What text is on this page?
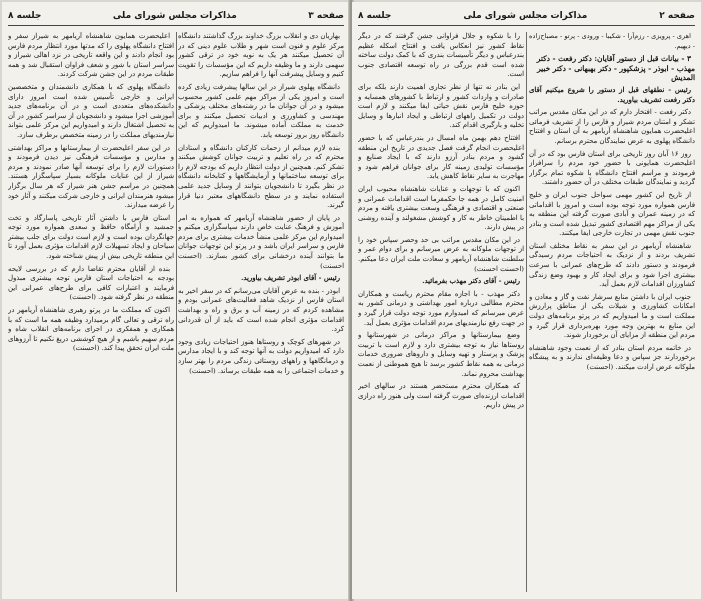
صفحه ۳
مذاکرات مجلس شورای ملی
جلسه ۸

بهاریان دی و انقلاب بزرگ خداوند بزرگ گذاشتند دانشگاه مرکز علوم و فنون است شهر و طلاب علوم دینی که در آن تحصیل میکنند هر یک به نوبه خود در ترقی کشور سهمی دارند و ما وظیفه داریم که این مؤسسات را تقویت کنیم و وسایل پیشرفت آنها را فراهم سازیم.

دانشگاه پهلوی شیراز در این سالها پیشرفت زیادی کرده است و امروز یکی از مراکز مهم علمی کشور محسوب میشود و در آن جوانان ما در رشته‌های مختلف پزشکی و مهندسی و کشاورزی و ادبیات تحصیل میکنند و برای خدمت به مملکت آماده میشوند. ما امیدواریم که این دانشگاه روز بروز توسعه یابد.

بنده لازم میدانم از زحمات کارکنان دانشگاه و استادان محترم که در راه تعلیم و تربیت جوانان کوشش میکنند تشکر کنم. همچنین از دولت انتظار داریم که بودجه لازم را برای توسعه ساختمانها و آزمایشگاهها و کتابخانه دانشگاه در نظر بگیرد تا دانشجویان بتوانند از وسایل جدید علمی استفاده نمایند و در سطح دانشگاههای معتبر دنیا قرار گیرند.

در پایان از حضور شاهنشاه آریامهر که همواره به امر آموزش و فرهنگ عنایت خاص دارند سپاسگزاری میکنم و امیدوارم این مرکز علمی منشأ خدمات بیشتری برای مردم فارس و سراسر ایران باشد و در پرتو این توجهات جوانان ما بتوانند آینده درخشانی برای کشور بسازند. (احسنت احسنت)

رئیس - آقای ابوذر تشریف بیاورید.

ابوذر - بنده به عرض آقایان می‌رسانم که در سفر اخیر به استان فارس از نزدیک شاهد فعالیت‌های عمرانی بودم و مشاهده کردم که در زمینه آب و برق و راه و بهداشت اقدامات مؤثری انجام شده است که باید از آن قدردانی کرد.

در شهرهای کوچک و روستاها هنوز احتیاجات زیادی وجود دارد که امیدواریم دولت به آنها توجه کند و با ایجاد مدارس و درمانگاهها و راههای روستائی زندگی مردم را بهتر سازد و خدمات اجتماعی را به همه طبقات برساند. (احسنت)

اعلیحضرت همایون شاهنشاه آریامهر به شیراز سفر و افتتاح دانشگاه پهلوی را که مدتها مورد انتظار مردم فارس بود انجام دادند و این واقعه تاریخی در نزد اهالی شیراز و سراسر استان با شور و شعف فراوان استقبال شد و همه طبقات مردم در این جشن شرکت کردند.

دانشگاه پهلوی که با همکاری دانشمندان و متخصصین ایرانی و خارجی تأسیس شده است امروز دارای دانشکده‌های متعددی است و در آن برنامه‌های جدید آموزشی اجرا میشود و دانشجویان از سراسر کشور در آن به تحصیل اشتغال دارند و امیدواریم این مرکز علمی بتواند نیازمندیهای مملکت را در زمینه متخصص برطرف سازد.

در این سفر اعلیحضرت از بیمارستانها و مراکز بهداشتی و مدارس و مؤسسات فرهنگی نیز دیدن فرمودند و دستورات لازم را برای توسعه آنها صادر نمودند و مردم شیراز از این عنایات ملوکانه بسیار سپاسگزار هستند. همچنین در مراسم جشن هنر شیراز که هر سال برگزار میشود هنرمندان ایرانی و خارجی شرکت میکنند و آثار خود را عرضه میدارند.

استان فارس با داشتن آثار تاریخی پاسارگاد و تخت جمشید و آرامگاه حافظ و سعدی همواره مورد توجه جهانگردان بوده است و لازم است دولت برای جلب بیشتر سیاحان و ایجاد تسهیلات لازم اقدامات مؤثری بعمل آورد تا این منطقه تاریخی بیش از پیش شناخته شود.

بنده از آقایان محترم تقاضا دارم که در بررسی لایحه بودجه به احتیاجات استان فارس توجه بیشتری مبذول فرمایند و اعتبارات کافی برای طرح‌های عمرانی این منطقه در نظر گرفته شود. (احسنت)

اکنون که مملکت ما در پرتو رهبری شاهنشاه آریامهر در راه ترقی و تعالی گام برمیدارد وظیفه همه ما است که با همکاری و همفکری در اجرای برنامه‌های انقلاب شاه و مردم سهیم باشیم و از هیچ کوششی دریغ نکنیم تا آرزوهای ملت ایران تحقق پیدا کند. (احسنت)

صفحه ۲
مذاکرات مجلس شورای ملی
جلسه ۸

اهری - پرویزی - رزم‌آرا - شکیبا - ورودی - پرتو - مصباح‌زاده - دیهیم.

۳ - بیانات قبل از دستور آقایان: دکتر رفعت - دکتر مهذب - ابوذر - پزشکپور - دکتر بهبهانی - دکتر خبیر المدیش

رئیس - نطقهای قبل از دستور را شروع میکنیم آقای دکتر رفعت تشریف بیاورید.

دکتر رفعت - افتخار دارم که در این مکان مقدس مراتب تشکر و امتنان مردم شیراز و فارس را از تشریف فرمائی اعلیحضرت همایون شاهنشاه آریامهر به آن استان و افتتاح دانشگاه پهلوی به عرض نمایندگان محترم برسانم.

روز ۱۶ آبان روز تاریخی برای استان فارس بود که در آن اعلیحضرت همایونی با حضور خود مردم را سرافراز فرمودند و مراسم افتتاح دانشگاه با شکوه تمام برگزار گردید و نمایندگان طبقات مختلف در آن حضور داشتند.

از تاریخ این کشور مهمی سواحل جنوب ایران و خلیج فارس همواره مورد توجه بوده است و امروز با اقداماتی که در زمینه عمران و آبادی صورت گرفته این منطقه به یکی از مراکز مهم اقتصادی کشور تبدیل شده است و بنادر جنوب نقش مهمی در تجارت خارجی ایفا میکنند.

شاهنشاه آریامهر در این سفر به نقاط مختلف استان تشریف بردند و از نزدیک به احتیاجات مردم رسیدگی فرمودند و دستور دادند که طرح‌های عمرانی با سرعت بیشتری اجرا شود و برای ایجاد کار و بهبود وضع زندگی کشاورزان اقدامات لازم بعمل آید.

جنوب ایران با داشتن منابع سرشار نفت و گاز و معادن و امکانات کشاورزی و شیلات یکی از مناطق پرارزش مملکت است و ما امیدواریم که در پرتو برنامه‌های دولت این منابع به بهترین وجه مورد بهره‌برداری قرار گیرد و مردم این منطقه از مزایای آن برخوردار شوند.

در خاتمه مردم استان بنادر که از نعمت وجود شاهنشاه برخوردارند جز سپاس و دعا وظیفه‌ای ندارند و به پیشگاه ملوکانه عرض ارادت میکنند. (احسنت)

را با شکوه و جلال فراوانی جشن گرفتند که در دیگر نقاط کشور نیز انعکاس یافت و افتتاح اسکله عظیم بندرعباس و دیگر تأسیسات بندری که با کمک دولت ساخته شده است قدم بزرگی در راه توسعه اقتصادی جنوب است.

این بنادر نه تنها از نظر تجاری اهمیت دارند بلکه برای صادرات و واردات کشور و ارتباط با کشورهای همسایه و حوزه خلیج فارس نقش حیاتی ایفا میکنند و لازم است دولت در تکمیل راههای ارتباطی و ایجاد انبارها و وسایل تخلیه و بارگیری اقدام کند.

افتتاح دهم بهمن ماه امسال در بندرعباس که با حضور اعلیحضرت انجام گرفت فصل جدیدی در تاریخ این منطقه گشود و مردم بنادر آرزو دارند که با ایجاد صنایع و مؤسسات تولیدی زمینه کار برای جوانان فراهم شود و مهاجرت به سایر نقاط کاهش یابد.

اکنون که با توجهات و عنایات شاهنشاه محبوب ایران امنیت کامل در همه جا حکمفرما است اقدامات عمرانی و صنعتی و اقتصادی و فرهنگی وسعت بیشتری یافته و مردم با اطمینان خاطر به کار و کوشش مشغولند و آینده روشنی در پیش دارند.

در این مکان مقدس مراتب بی حد وحصر سپاس خود را از توجهات ملوکانه به عرض میرسانم و برای دوام عمر و سلطنت شاهنشاه آریامهر و سعادت ملت ایران دعا میکنم. (احسنت احسنت)

رئیس - آقای دکتر مهذب بفرمائید.

دکتر مهذب - با اجازه مقام محترم ریاست و همکاران محترم مطالبی درباره امور بهداشتی و درمانی کشور به عرض میرسانم که امیدوارم مورد توجه دولت قرار گیرد و در جهت رفع نیازمندیهای مردم اقدامات مؤثری بعمل آید.

وضع بیمارستانها و مراکز درمانی در شهرستانها و روستاها نیاز به توجه بیشتری دارد و لازم است با تربیت پزشک و پرستار و تهیه وسایل و داروهای ضروری خدمات درمانی به همه نقاط کشور برسد تا هیچ هموطنی از نعمت بهداشت محروم نماند.

که همکاران محترم مستحضر هستند در سالهای اخیر اقدامات ارزنده‌ای صورت گرفته است ولی هنوز راه درازی در پیش داریم.
